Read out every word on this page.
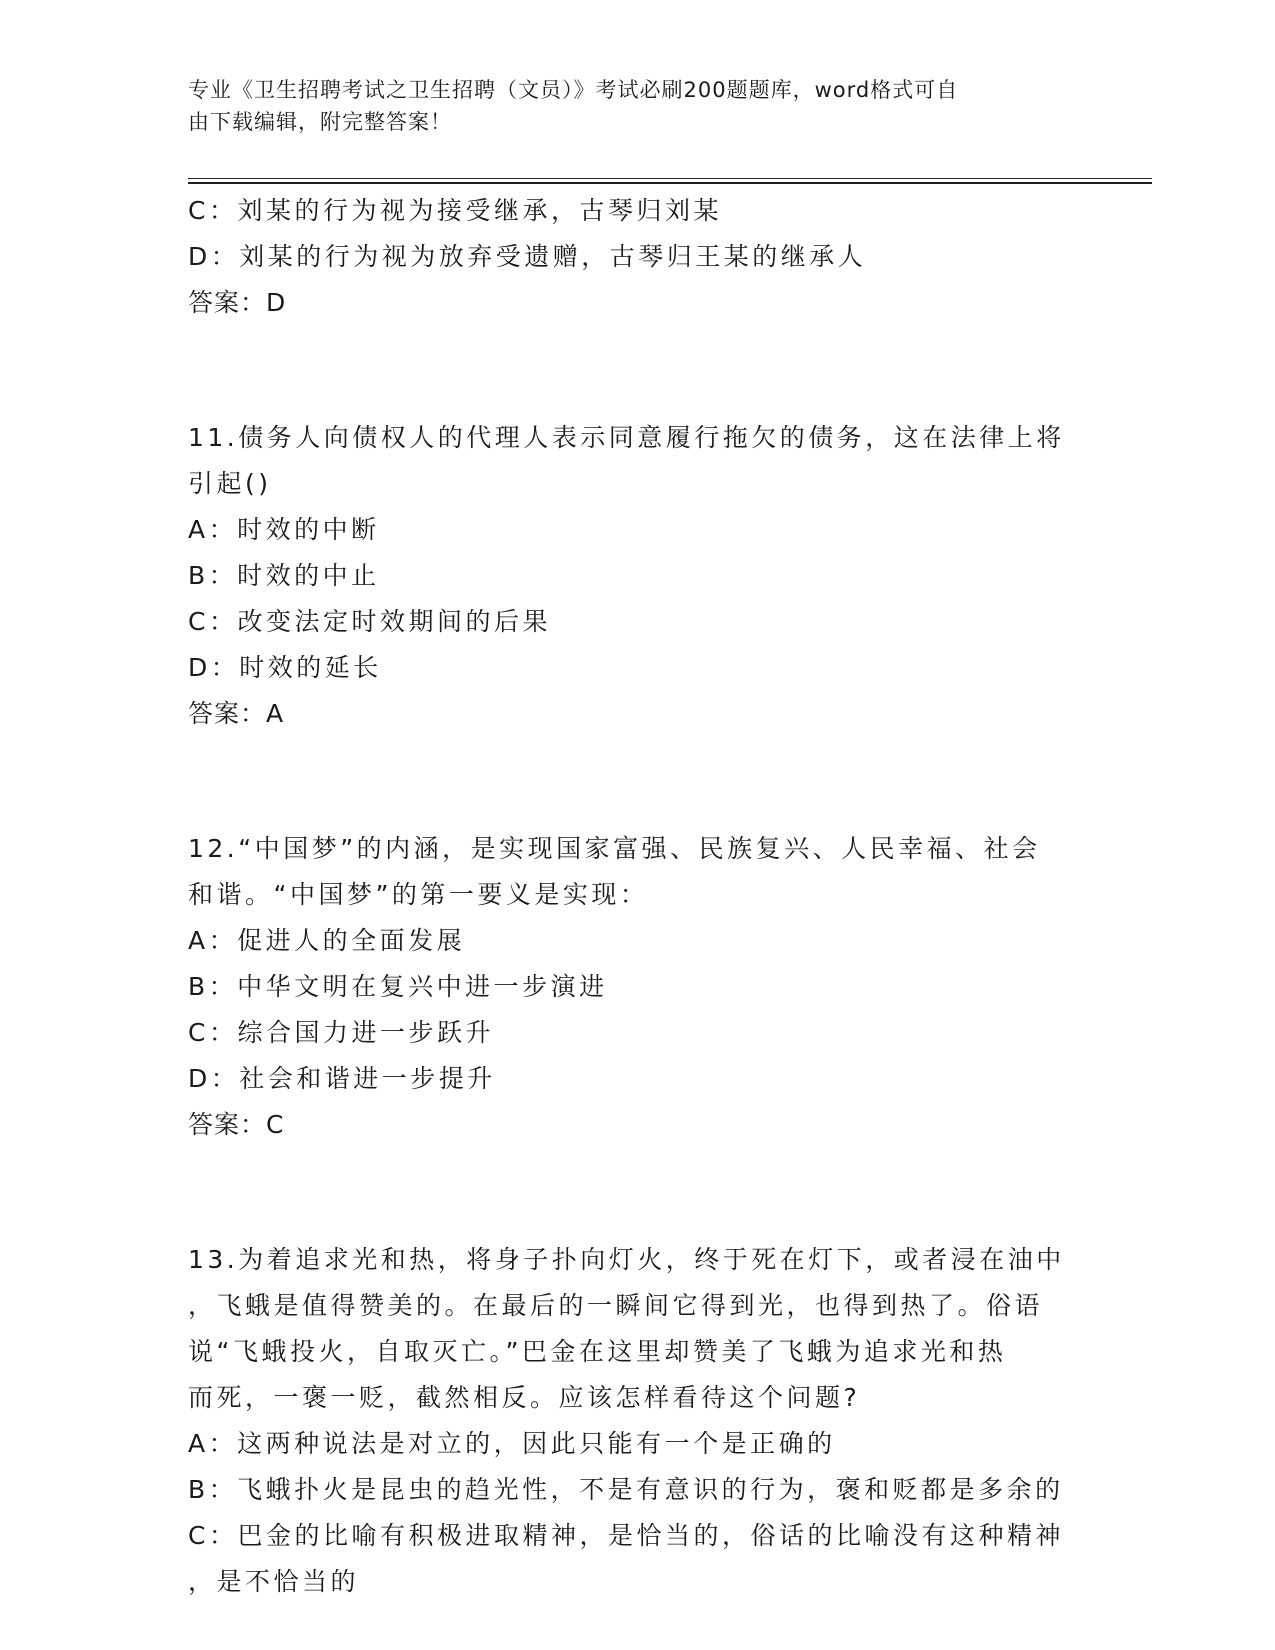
专业《卫生招聘考试之卫生招聘（文员）》考试必刷200题题库，word格式可自
由下载编辑，附完整答案！
C：刘某的行为视为接受继承，古琴归刘某
D：刘某的行为视为放弃受遗赠，古琴归王某的继承人
答案：D
11.债务人向债权人的代理人表示同意履行拖欠的债务，这在法律上将
引起()
A：时效的中断
B：时效的中止
C：改变法定时效期间的后果
D：时效的延长
答案：A
12.“中国梦”的内涵，是实现国家富强、民族复兴、人民幸福、社会
和谐。“中国梦”的第一要义是实现：
A：促进人的全面发展
B：中华文明在复兴中进一步演进
C：综合国力进一步跃升
D：社会和谐进一步提升
答案：C
13.为着追求光和热，将身子扑向灯火，终于死在灯下，或者浸在油中
，飞蛾是值得赞美的。在最后的一瞬间它得到光，也得到热了。俗语
说“飞蛾投火，自取灭亡。”巴金在这里却赞美了飞蛾为追求光和热
而死，一褒一贬，截然相反。应该怎样看待这个问题?
A：这两种说法是对立的，因此只能有一个是正确的
B：飞蛾扑火是昆虫的趋光性，不是有意识的行为，褒和贬都是多余的
C：巴金的比喻有积极进取精神，是恰当的，俗话的比喻没有这种精神
，是不恰当的
